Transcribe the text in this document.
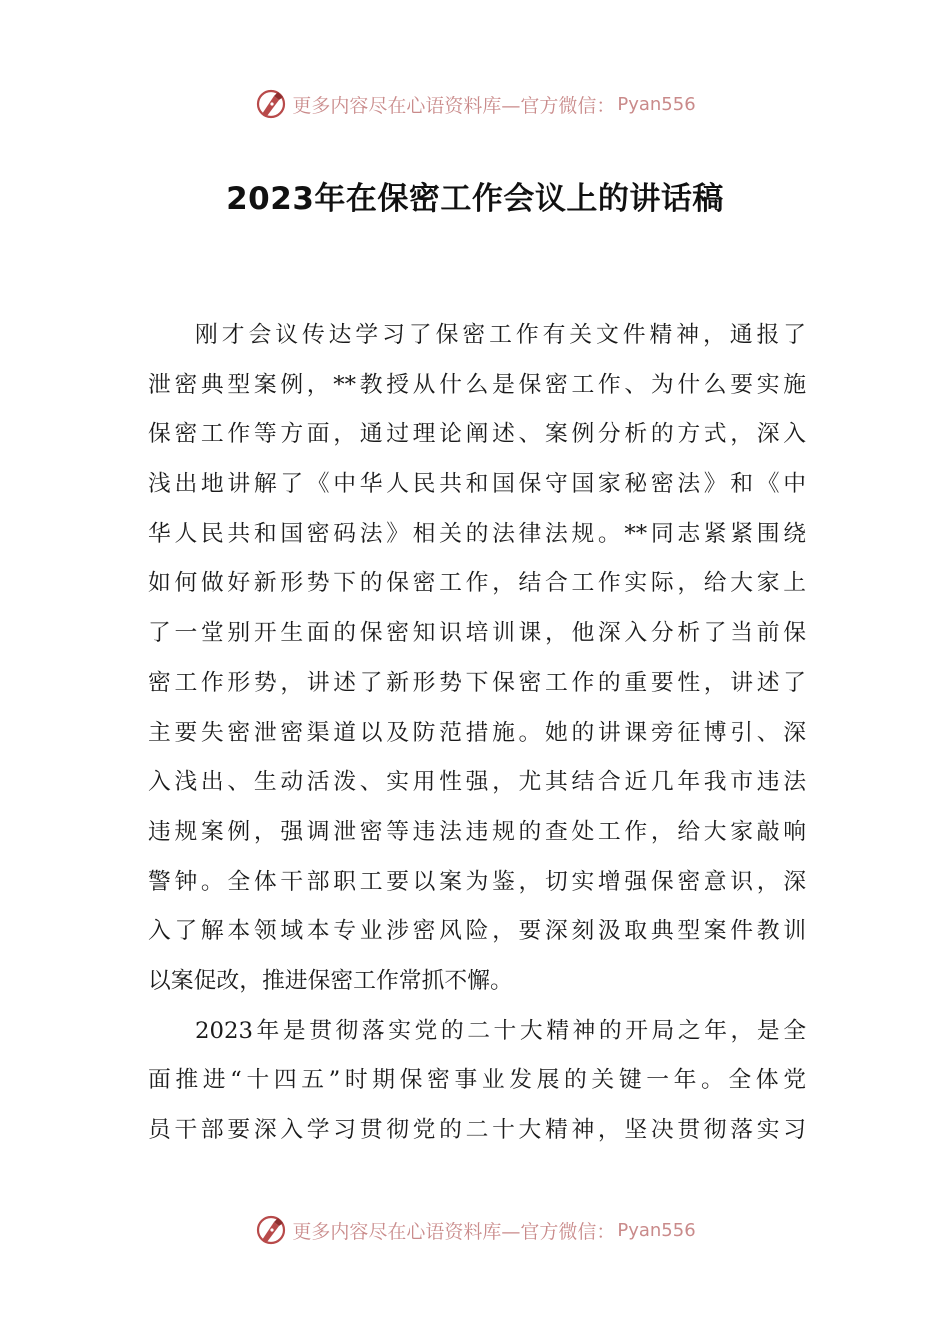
更多内容尽在心语资料库—官方微信： Pyan556
2023年在保密工作会议上的讲话稿
刚才会议传达学习了保密工作有关文件精神，通报了
泄密典型案例，**教授从什么是保密工作、为什么要实施
保密工作等方面，通过理论阐述、案例分析的方式，深入
浅出地讲解了《中华人民共和国保守国家秘密法》和《中
华人民共和国密码法》相关的法律法规。**同志紧紧围绕
如何做好新形势下的保密工作，结合工作实际，给大家上
了一堂别开生面的保密知识培训课，他深入分析了当前保
密工作形势，讲述了新形势下保密工作的重要性，讲述了
主要失密泄密渠道以及防范措施。她的讲课旁征博引、深
入浅出、生动活泼、实用性强，尤其结合近几年我市违法
违规案例，强调泄密等违法违规的查处工作，给大家敲响
警钟。全体干部职工要以案为鉴，切实增强保密意识，深
入了解本领域本专业涉密风险，要深刻汲取典型案件教训
以案促改，推进保密工作常抓不懈。
2023年是贯彻落实党的二十大精神的开局之年，是全
面推进“十四五”时期保密事业发展的关键一年。全体党
员干部要深入学习贯彻党的二十大精神，坚决贯彻落实习
更多内容尽在心语资料库—官方微信： Pyan556
